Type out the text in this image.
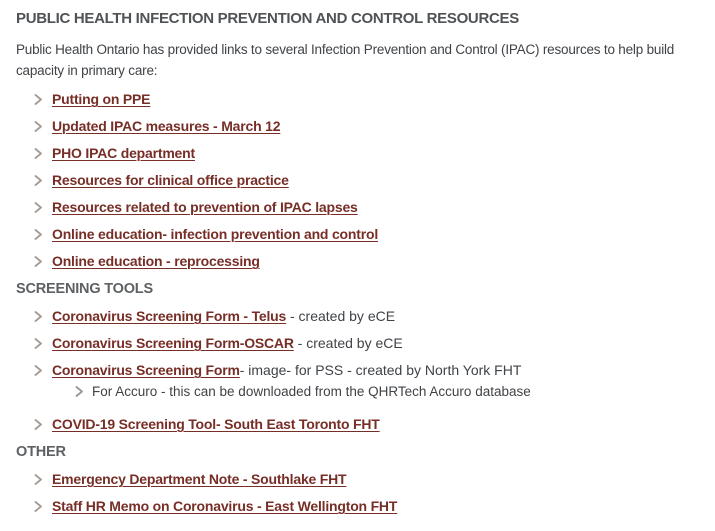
PUBLIC HEALTH INFECTION PREVENTION AND CONTROL RESOURCES

Public Health Ontario has provided links to several Infection Prevention and Control (IPAC) resources to help build capacity in primary care:

Putting on PPE
Updated IPAC measures - March 12
PHO IPAC department
Resources for clinical office practice
Resources related to prevention of IPAC lapses
Online education- infection prevention and control
Online education - reprocessing
SCREENING TOOLS
Coronavirus Screening Form - Telus - created by eCE
Coronavirus Screening Form-OSCAR - created by eCE
Coronavirus Screening Form- image- for PSS - created by North York FHT
For Accuro - this can be downloaded from the QHRTech Accuro database
COVID-19 Screening Tool- South East Toronto FHT
OTHER
Emergency Department Note - Southlake FHT
Staff HR Memo on Coronavirus - East Wellington FHT
